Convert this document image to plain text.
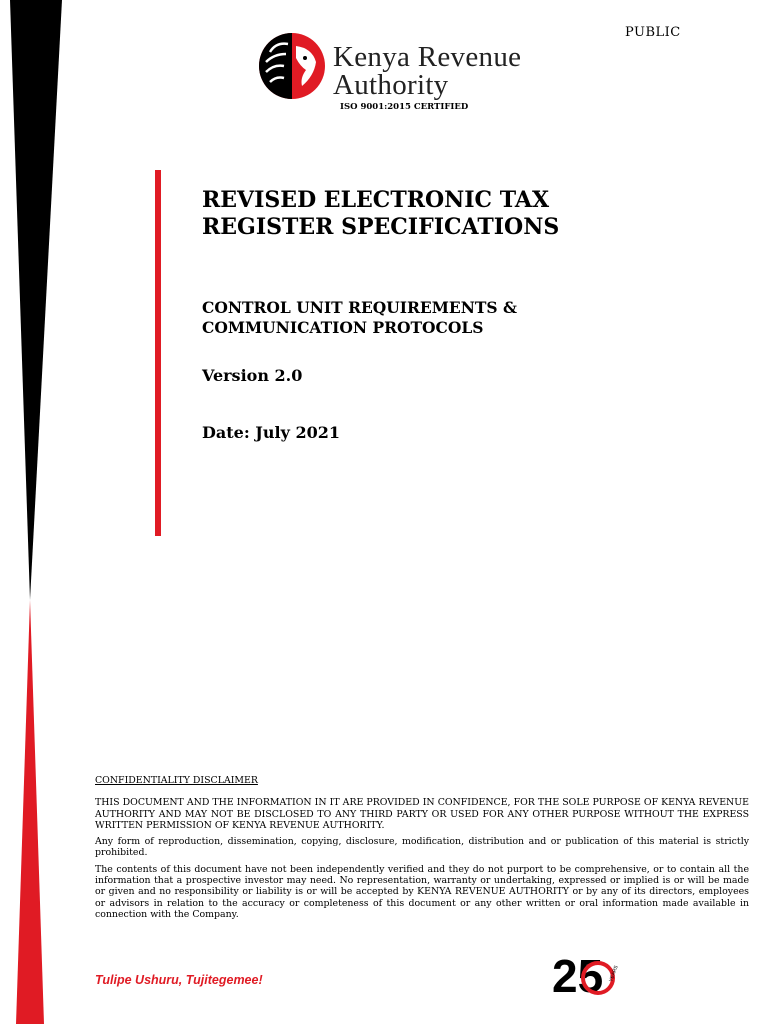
PUBLIC
Kenya Revenue
Authority
ISO 9001:2015 CERTIFIED
REVISED ELECTRONIC TAX REGISTER SPECIFICATIONS
CONTROL UNIT REQUIREMENTS & COMMUNICATION PROTOCOLS
Version 2.0
Date: July 2021
CONFIDENTIALITY DISCLAIMER

THIS DOCUMENT AND THE INFORMATION IN IT ARE PROVIDED IN CONFIDENCE, FOR THE SOLE PURPOSE OF KENYA REVENUE AUTHORITY AND MAY NOT BE DISCLOSED TO ANY THIRD PARTY OR USED FOR ANY OTHER PURPOSE WITHOUT THE EXPRESS WRITTEN PERMISSION OF KENYA REVENUE AUTHORITY.

Any form of reproduction, dissemination, copying, disclosure, modification, distribution and or publication of this material is strictly prohibited.

The contents of this document have not been independently verified and they do not purport to be comprehensive, or to contain all the information that a prospective investor may need. No representation, warranty or undertaking, expressed or implied is or will be made or given and no responsibility or liability is or will be accepted by KENYA REVENUE AUTHORITY or by any of its directors, employees or advisors in relation to the accuracy or completeness of this document or any other written or oral information made available in connection with the Company.

Tulipe Ushuru, Tujitegemee!	25 YEARS
